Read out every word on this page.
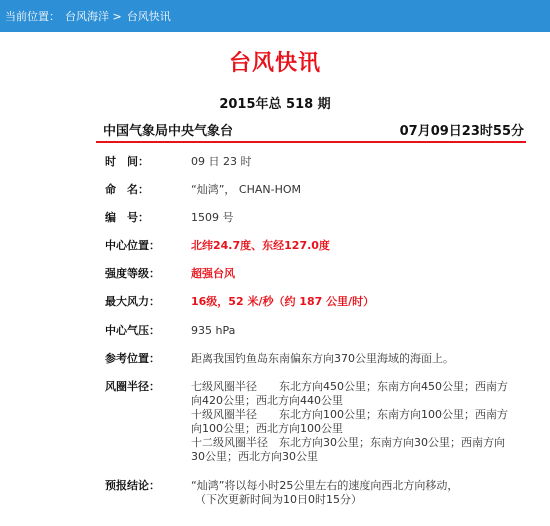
当前位置： 台风海洋 > 台风快讯
台风快讯
2015年总 518 期
中国气象局中央气象台	07月09日23时55分
时　间：	09 日 23 时
命　名：	“灿鸿”， CHAN-HOM
编　号：	1509 号
中心位置：	北纬24.7度、东经127.0度
强度等级：	超强台风
最大风力：	16级，52 米/秒（约 187 公里/时）
中心气压：	935 hPa
参考位置：	距离我国钓鱼岛东南偏东方向370公里海域的海面上。
风圈半径：	七级风圈半径　　东北方向450公里；东南方向450公里；西南方
向420公里；西北方向440公里
十级风圈半径　　东北方向100公里；东南方向100公里；西南方
向100公里；西北方向100公里
十二级风圈半径　东北方向30公里；东南方向30公里；西南方向
30公里；西北方向30公里
预报结论：	“灿鸿”将以每小时25公里左右的速度向西北方向移动，
（下次更新时间为10日0时15分）
